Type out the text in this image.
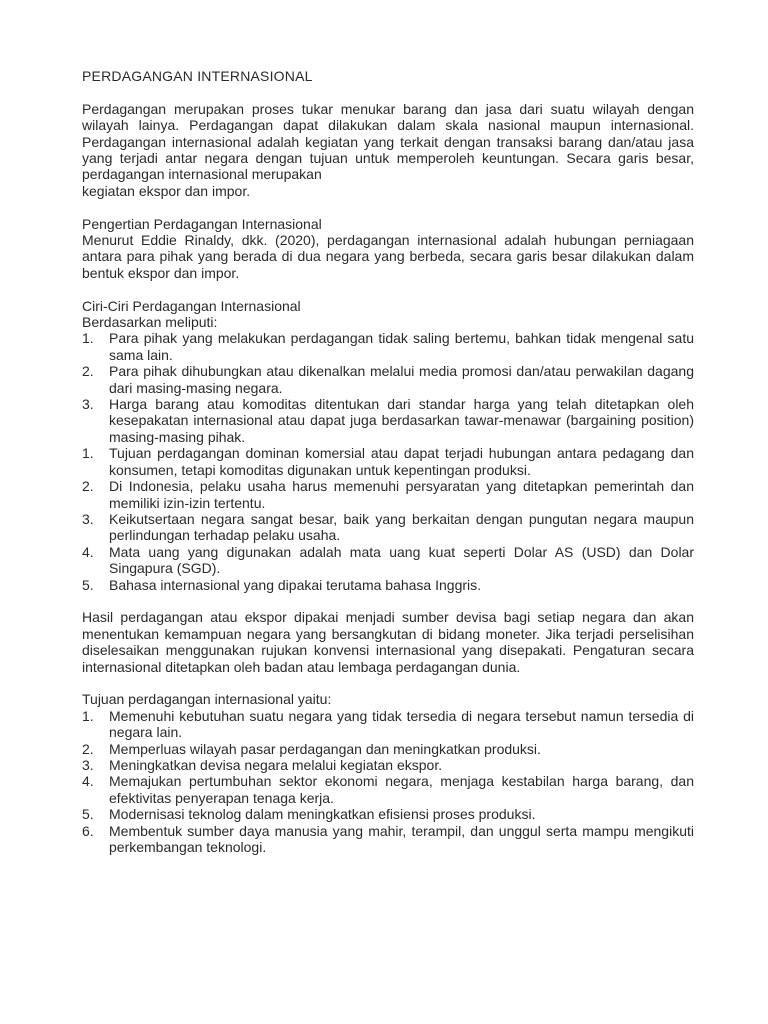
PERDAGANGAN INTERNASIONAL

Perdagangan merupakan proses tukar menukar barang dan jasa dari suatu wilayah dengan wilayah lainya. Perdagangan dapat dilakukan dalam skala nasional maupun internasional. Perdagangan internasional adalah kegiatan yang terkait dengan transaksi barang dan/atau jasa yang terjadi antar negara dengan tujuan untuk memperoleh keuntungan. Secara garis besar, perdagangan internasional merupakan

kegiatan ekspor dan impor.

Pengertian Perdagangan Internasional

Menurut Eddie Rinaldy, dkk. (2020), perdagangan internasional adalah hubungan perniagaan antara para pihak yang berada di dua negara yang berbeda, secara garis besar dilakukan dalam bentuk ekspor dan impor.

Ciri-Ciri Perdagangan Internasional

Berdasarkan meliputi:

1. Para pihak yang melakukan perdagangan tidak saling bertemu, bahkan tidak mengenal satu sama lain.
2. Para pihak dihubungkan atau dikenalkan melalui media promosi dan/atau perwakilan dagang dari masing-masing negara.
3. Harga barang atau komoditas ditentukan dari standar harga yang telah ditetapkan oleh kesepakatan internasional atau dapat juga berdasarkan tawar-menawar (bargaining position) masing-masing pihak.
1. Tujuan perdagangan dominan komersial atau dapat terjadi hubungan antara pedagang dan konsumen, tetapi komoditas digunakan untuk kepentingan produksi.
2. Di Indonesia, pelaku usaha harus memenuhi persyaratan yang ditetapkan pemerintah dan memiliki izin-izin tertentu.
3. Keikutsertaan negara sangat besar, baik yang berkaitan dengan pungutan negara maupun perlindungan terhadap pelaku usaha.
4. Mata uang yang digunakan adalah mata uang kuat seperti Dolar AS (USD) dan Dolar Singapura (SGD).
5. Bahasa internasional yang dipakai terutama bahasa Inggris.

Hasil perdagangan atau ekspor dipakai menjadi sumber devisa bagi setiap negara dan akan menentukan kemampuan negara yang bersangkutan di bidang moneter. Jika terjadi perselisihan diselesaikan menggunakan rujukan konvensi internasional yang disepakati. Pengaturan secara internasional ditetapkan oleh badan atau lembaga perdagangan dunia.

Tujuan perdagangan internasional yaitu:

1. Memenuhi kebutuhan suatu negara yang tidak tersedia di negara tersebut namun tersedia di negara lain.
2. Memperluas wilayah pasar perdagangan dan meningkatkan produksi.
3. Meningkatkan devisa negara melalui kegiatan ekspor.
4. Memajukan pertumbuhan sektor ekonomi negara, menjaga kestabilan harga barang, dan efektivitas penyerapan tenaga kerja.
5. Modernisasi teknolog dalam meningkatkan efisiensi proses produksi.
6. Membentuk sumber daya manusia yang mahir, terampil, dan unggul serta mampu mengikuti perkembangan teknologi.
